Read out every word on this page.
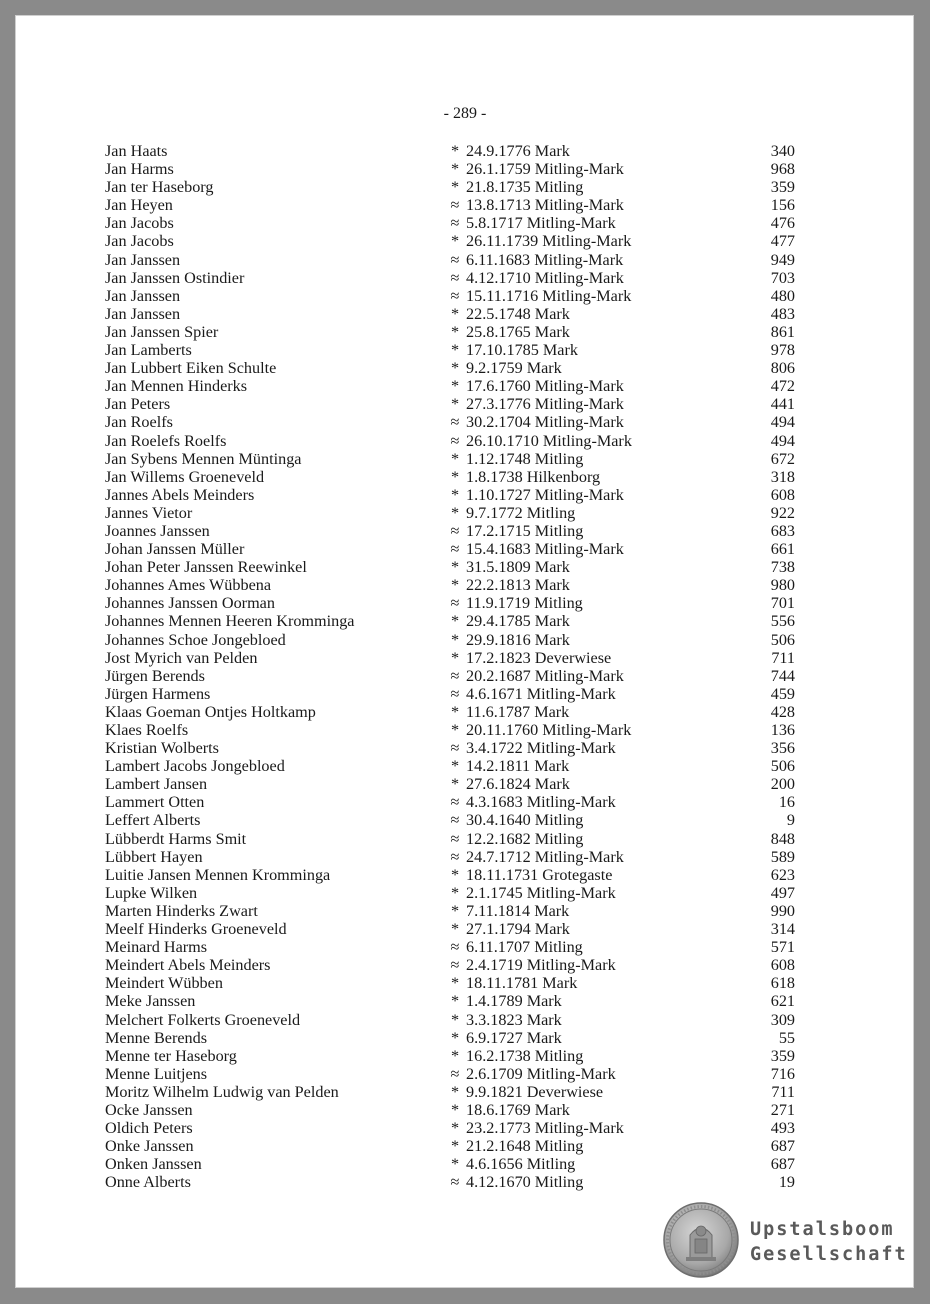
- 289 -
Jan Haats	* 24.9.1776 Mark	340
Jan Harms	* 26.1.1759 Mitling-Mark	968
Jan ter Haseborg	* 21.8.1735 Mitling	359
Jan Heyen	≈ 13.8.1713 Mitling-Mark	156
Jan Jacobs	≈ 5.8.1717 Mitling-Mark	476
Jan Jacobs	* 26.11.1739 Mitling-Mark	477
Jan Janssen	≈ 6.11.1683 Mitling-Mark	949
Jan Janssen Ostindier	≈ 4.12.1710 Mitling-Mark	703
Jan Janssen	≈ 15.11.1716 Mitling-Mark	480
Jan Janssen	* 22.5.1748 Mark	483
Jan Janssen Spier	* 25.8.1765 Mark	861
Jan Lamberts	* 17.10.1785 Mark	978
Jan Lubbert Eiken Schulte	* 9.2.1759 Mark	806
Jan Mennen Hinderks	* 17.6.1760 Mitling-Mark	472
Jan Peters	* 27.3.1776 Mitling-Mark	441
Jan Roelfs	≈ 30.2.1704 Mitling-Mark	494
Jan Roelefs Roelfs	≈ 26.10.1710 Mitling-Mark	494
Jan Sybens Mennen Müntinga	* 1.12.1748 Mitling	672
Jan Willems Groeneveld	* 1.8.1738 Hilkenborg	318
Jannes Abels Meinders	* 1.10.1727 Mitling-Mark	608
Jannes Vietor	* 9.7.1772 Mitling	922
Joannes Janssen	≈ 17.2.1715 Mitling	683
Johan Janssen Müller	≈ 15.4.1683 Mitling-Mark	661
Johan Peter Janssen Reewinkel	* 31.5.1809 Mark	738
Johannes Ames Wübbena	* 22.2.1813 Mark	980
Johannes Janssen Oorman	≈ 11.9.1719 Mitling	701
Johannes Mennen Heeren Kromminga	* 29.4.1785 Mark	556
Johannes Schoe Jongebloed	* 29.9.1816 Mark	506
Jost Myrich van Pelden	* 17.2.1823 Deverwiese	711
Jürgen Berends	≈ 20.2.1687 Mitling-Mark	744
Jürgen Harmens	≈ 4.6.1671 Mitling-Mark	459
Klaas Goeman Ontjes Holtkamp	* 11.6.1787 Mark	428
Klaes Roelfs	* 20.11.1760 Mitling-Mark	136
Kristian Wolberts	≈ 3.4.1722 Mitling-Mark	356
Lambert Jacobs Jongebloed	* 14.2.1811 Mark	506
Lambert Jansen	* 27.6.1824 Mark	200
Lammert Otten	≈ 4.3.1683 Mitling-Mark	16
Leffert Alberts	≈ 30.4.1640 Mitling	9
Lübberdt Harms Smit	≈ 12.2.1682 Mitling	848
Lübbert Hayen	≈ 24.7.1712 Mitling-Mark	589
Luitie Jansen Mennen Kromminga	* 18.11.1731 Grotegaste	623
Lupke Wilken	* 2.1.1745 Mitling-Mark	497
Marten Hinderks Zwart	* 7.11.1814 Mark	990
Meelf Hinderks Groeneveld	* 27.1.1794 Mark	314
Meinard Harms	≈ 6.11.1707 Mitling	571
Meindert Abels Meinders	≈ 2.4.1719 Mitling-Mark	608
Meindert Wübben	* 18.11.1781 Mark	618
Meke Janssen	* 1.4.1789 Mark	621
Melchert Folkerts Groeneveld	* 3.3.1823 Mark	309
Menne Berends	* 6.9.1727 Mark	55
Menne ter Haseborg	* 16.2.1738 Mitling	359
Menne Luitjens	≈ 2.6.1709 Mitling-Mark	716
Moritz Wilhelm Ludwig van Pelden	* 9.9.1821 Deverwiese	711
Ocke Janssen	* 18.6.1769 Mark	271
Oldich Peters	* 23.2.1773 Mitling-Mark	493
Onke Janssen	* 21.2.1648 Mitling	687
Onken Janssen	* 4.6.1656 Mitling	687
Onne Alberts	≈ 4.12.1670 Mitling	19
Upstalsboom
Gesellschaft
